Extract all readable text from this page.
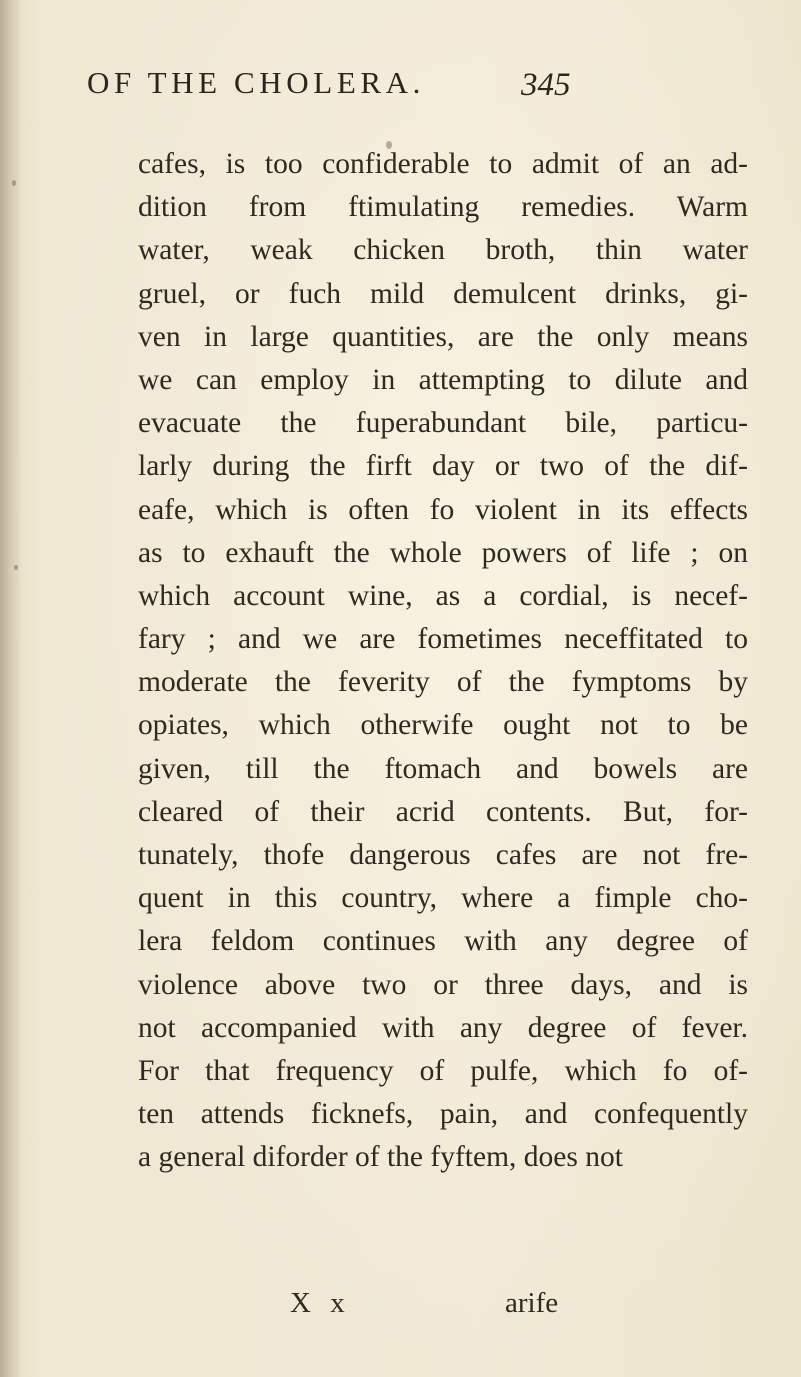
OF THE CHOLERA.	345
cafes, is too confiderable to admit of an ad-
dition from ftimulating remedies. Warm
water, weak chicken broth, thin water
gruel, or fuch mild demulcent drinks, gi-
ven in large quantities, are the only means
we can employ in attempting to dilute and
evacuate the fuperabundant bile, particu-
larly during the firft day or two of the dif-
eafe, which is often fo violent in its effects
as to exhauft the whole powers of life ; on
which account wine, as a cordial, is necef-
fary ; and we are fometimes neceffitated to
moderate the feverity of the fymptoms by
opiates, which otherwife ought not to be
given, till the ftomach and bowels are
cleared of their acrid contents. But, for-
tunately, thofe dangerous cafes are not fre-
quent in this country, where a fimple cho-
lera feldom continues with any degree of
violence above two or three days, and is
not accompanied with any degree of fever.
For that frequency of pulfe, which fo of-
ten attends ficknefs, pain, and confequently
a general diforder of the fyftem, does not
X x	arife
